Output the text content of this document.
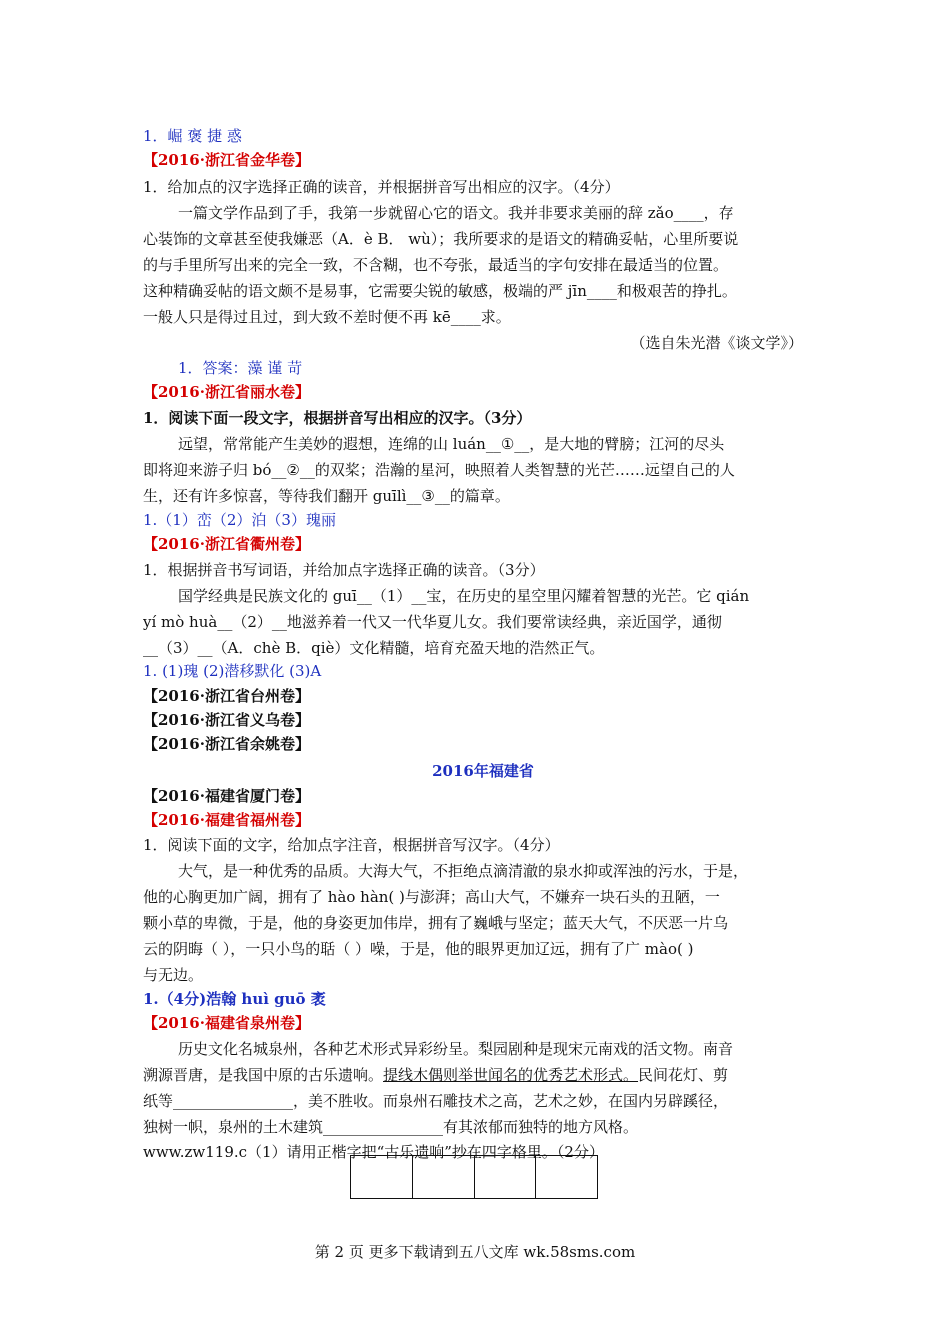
1．崛 褒 捷 惑
【2016·浙江省金华卷】
1．给加点的汉字选择正确的读音，并根据拼音写出相应的汉字。（4分）
一篇文学作品到了手，我第一步就留心它的语文。我并非要求美丽的辞 zǎo____，存
心装饰的文章甚至使我嫌恶（A．è B． wù）；我所要求的是语文的精确妥帖，心里所要说
的与手里所写出来的完全一致，不含糊，也不夸张，最适当的字句安排在最适当的位置。
这种精确妥帖的语文颇不是易事，它需要尖锐的敏感，极端的严 jīn____和极艰苦的挣扎。
一般人只是得过且过，到大致不差时便不再 kē____求。
（选自朱光潜《谈文学》）
1．答案：藻 谨 苛
【2016·浙江省丽水卷】
1．阅读下面一段文字，根据拼音写出相应的汉字。（3分）
远望，常常能产生美妙的遐想，连绵的山 luán__①__，是大地的臂膀；江河的尽头
即将迎来游子归 bó__②__的双桨；浩瀚的星河，映照着人类智慧的光芒……远望自己的人
生，还有许多惊喜，等待我们翻开 guīlì__③__的篇章。
1.（1）峦（2）泊（3）瑰丽
【2016·浙江省衢州卷】
1．根据拼音书写词语，并给加点字选择正确的读音。（3分）
国学经典是民族文化的 guī__（1）__宝，在历史的星空里闪耀着智慧的光芒。它 qián
yí mò huà__（2）__地滋养着一代又一代华夏儿女。我们要常读经典，亲近国学，通彻
__（3）__（A．chè B．qiè）文化精髓，培育充盈天地的浩然正气。
1. (1)瑰 (2)潜移默化 (3)A
【2016·浙江省台州卷】
【2016·浙江省义乌卷】
【2016·浙江省余姚卷】
2016年福建省
【2016·福建省厦门卷】
【2016·福建省福州卷】
1．阅读下面的文字，给加点字注音，根据拼音写汉字。（4分）
大气，是一种优秀的品质。大海大气，不拒绝点滴清澈的泉水抑或浑浊的污水，于是，
他的心胸更加广阔，拥有了 hào hàn( )与澎湃；高山大气，不嫌弃一块石头的丑陋，一
颗小草的卑微，于是，他的身姿更加伟岸，拥有了巍峨与坚定；蓝天大气，不厌恶一片乌
云的阴晦（ ），一只小鸟的聒（ ）噪，于是，他的眼界更加辽远，拥有了广 mào( )
与无边。
1.（4分)浩翰 huì guō 袤
【2016·福建省泉州卷】
历史文化名城泉州，各种艺术形式异彩纷呈。梨园剧种是现宋元南戏的活文物。南音
溯源晋唐，是我国中原的古乐遗响。提线木偶则举世闻名的优秀艺术形式。民间花灯、剪
纸等________________，美不胜收。而泉州石雕技术之高，艺术之妙，在国内另辟蹊径，
独树一帜，泉州的土木建筑________________有其浓郁而独特的地方风格。
www.zw119.c（1）请用正楷字把“古乐遗响”抄在四字格里。（2分）
第 2 页 更多下载请到五八文库 wk.58sms.com
